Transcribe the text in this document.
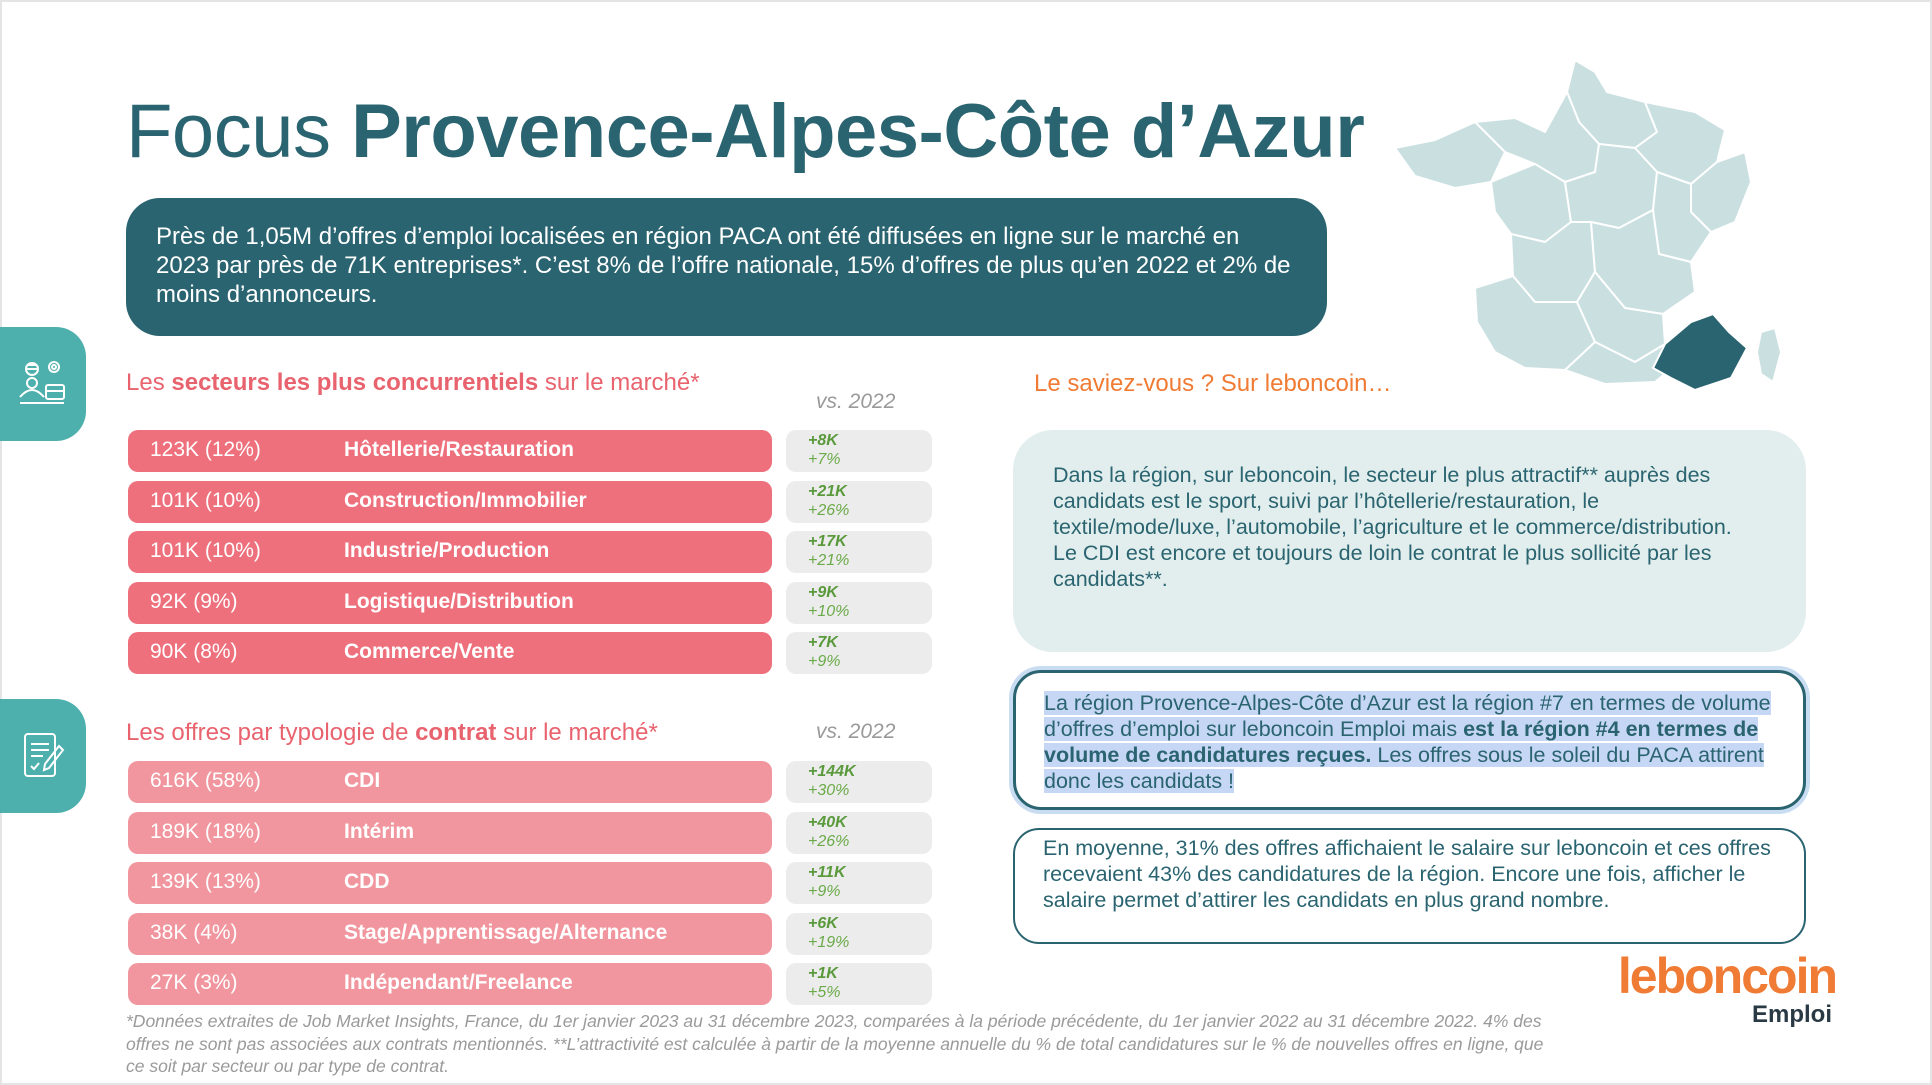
Focus Provence-Alpes-Côte d’Azur
Près de 1,05M d’offres d’emploi localisées en région PACA ont été diffusées en ligne sur le marché en 2023 par près de 71K entreprises*. C’est 8% de l’offre nationale, 15% d’offres de plus qu’en 2022 et 2% de moins d’annonceurs.
Les secteurs les plus concurrentiels sur le marché*
vs. 2022
123K (12%)	Hôtellerie/Restauration	+8K
+7%
101K (10%)	Construction/Immobilier	+21K
+26%
101K (10%)	Industrie/Production	+17K
+21%
92K (9%)	Logistique/Distribution	+9K
+10%
90K (8%)	Commerce/Vente	+7K
+9%
Les offres par typologie de contrat sur le marché*	vs. 2022
616K (58%)	CDI	+144K
+30%
189K (18%)	Intérim	+40K
+26%
139K (13%)	CDD	+11K
+9%
38K (4%)	Stage/Apprentissage/Alternance	+6K
+19%
27K (3%)	Indépendant/Freelance	+1K
+5%
Le saviez-vous ? Sur leboncoin…
Dans la région, sur leboncoin, le secteur le plus attractif** auprès des candidats est le sport, suivi par l’hôtellerie/restauration, le textile/mode/luxe, l’automobile, l’agriculture et le commerce/distribution.
Le CDI est encore et toujours de loin le contrat le plus sollicité par les candidats**.
La région Provence-Alpes-Côte d’Azur est la région #7 en termes de volume d’offres d’emploi sur leboncoin Emploi mais est la région #4 en termes de volume de candidatures reçues. Les offres sous le soleil du PACA attirent donc les candidats !
En moyenne, 31% des offres affichaient le salaire sur leboncoin et ces offres recevaient 43% des candidatures de la région. Encore une fois, afficher le salaire permet d’attirer les candidats en plus grand nombre.
*Données extraites de Job Market Insights, France, du 1er janvier 2023 au 31 décembre 2023, comparées à la période précédente, du 1er janvier 2022 au 31 décembre 2022. 4% des offres ne sont pas associées aux contrats mentionnés. **L’attractivité est calculée à partir de la moyenne annuelle du % de total candidatures sur le % de nouvelles offres en ligne, que ce soit par secteur ou par type de contrat.
leboncoin
Emploi
